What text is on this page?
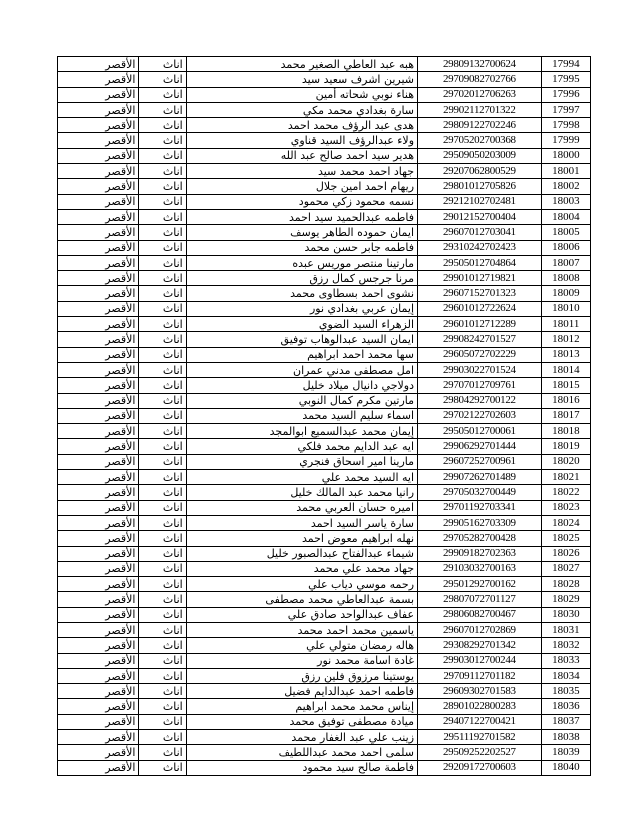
الأقصر	اناث	هبه عبد العاطي الصغير محمد	29809132700624	17994
الأقصر	اناث	شيرين اشرف سعيد سيد	29709082702766	17995
الأقصر	اناث	هناء نوبي شحاته أمين	29702012706263	17996
الأقصر	اناث	سارة بغدادي محمد مكي	29902112701322	17997
الأقصر	اناث	هدى عبد الرؤف محمد احمد	29809122702246	17998
الأقصر	اناث	ولاء عبدالرؤف السيد قناوي	29705202700368	17999
الأقصر	اناث	هدير سيد احمد صالح عبد الله	29509050203009	18000
الأقصر	اناث	جهاد احمد محمد سيد	29207062800529	18001
الأقصر	اناث	ريهام احمد امين جلال	29801012705826	18002
الأقصر	اناث	نسمه محمود زكي محمود	29212102702481	18003
الأقصر	اناث	فاطمه عبدالحميد سيد احمد	29012152700404	18004
الأقصر	اناث	ايمان حموده الطاهر يوسف	29607012703041	18005
الأقصر	اناث	فاطمه جابر حسن محمد	29310242702423	18006
الأقصر	اناث	مارتينا منتصر موريس عبده	29505012704864	18007
الأقصر	اناث	مرنا جرجس كمال رزق	29901012719821	18008
الأقصر	اناث	نشوى احمد بسطاوى محمد	29607152701323	18009
الأقصر	اناث	إيمان عربي بغدادي نور	29601012722624	18010
الأقصر	اناث	الزهراء السيد الضوي	29601012712289	18011
الأقصر	اناث	ايمان السيد عبدالوهاب توفيق	29908242701527	18012
الأقصر	اناث	سها محمد احمد ابراهيم	29605072702229	18013
الأقصر	اناث	امل مصطفى مدني عمران	29903022701524	18014
الأقصر	اناث	دولاجي دانيال ميلاد خليل	29707012709761	18015
الأقصر	اناث	مارتين مكرم كمال النوبي	29804292700122	18016
الأقصر	اناث	اسماء سليم السيد محمد	29702122702603	18017
الأقصر	اناث	إيمان محمد عبدالسميع ابوالمجد	29505012700061	18018
الأقصر	اناث	ايه عبد الدايم محمد فلكي	29906292701444	18019
الأقصر	اناث	مارينا امير اسحاق فنجري	29607252700961	18020
الأقصر	اناث	ايه السيد محمد علي	29907262701489	18021
الأقصر	اناث	رانيا محمد عبد المالك خليل	29705032700449	18022
الأقصر	اناث	اميره حسان العربي محمد	29701192703341	18023
الأقصر	اناث	سارة ياسر السيد احمد	29905162703309	18024
الأقصر	اناث	نهله ابراهيم معوض احمد	29705282700428	18025
الأقصر	اناث	شيماء عبدالفتاح عبدالصبور خليل	29909182702363	18026
الأقصر	اناث	جهاد محمد علي محمد	29103032700163	18027
الأقصر	اناث	رحمه موسي دياب علي	29501292700162	18028
الأقصر	اناث	بسمة عبدالعاطي محمد مصطفى	29807072701127	18029
الأقصر	اناث	عفاف عبدالواحد صادق علي	29806082700467	18030
الأقصر	اناث	ياسمين محمد احمد محمد	29607012702869	18031
الأقصر	اناث	هاله رمضان متولي علي	29308292701342	18032
الأقصر	اناث	غادة اسامة محمد نور	29903012700244	18033
الأقصر	اناث	يوستينا مرزوق فلين رزق	29709112701182	18034
الأقصر	اناث	فاطمه احمد عبدالدايم فضيل	29609302701583	18035
الأقصر	اناث	إيناس محمد محمد ابراهيم	28901022800283	18036
الأقصر	اناث	ميادة مصطفى توفيق محمد	29407122700421	18037
الأقصر	اناث	زينب علي عبد الغفار محمد	29511192701582	18038
الأقصر	اناث	سلمى احمد محمد عبداللطيف	29509252202527	18039
الأقصر	اناث	فاطمة صالح سيد محمود	29209172700603	18040
